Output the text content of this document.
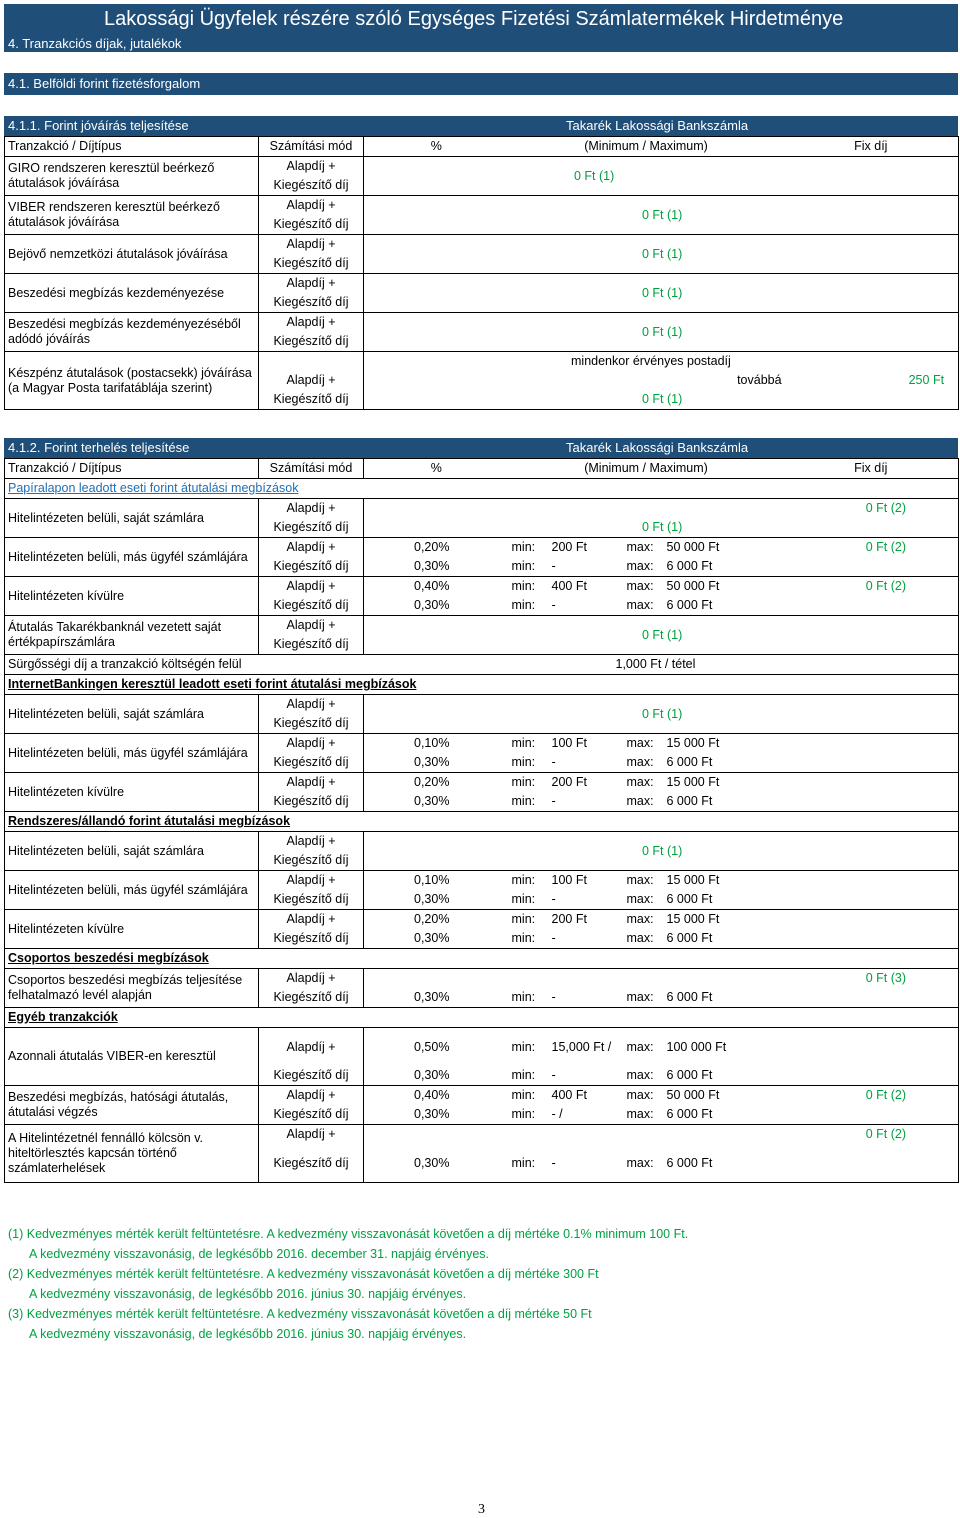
Lakossági Ügyfelek részére szóló Egységes Fizetési Számlatermékek Hirdetménye
4. Tranzakciós díjak, jutalékok
4.1. Belföldi forint fizetésforgalom
4.1.1. Forint jóváírás teljesítése	Takarék Lakossági Bankszámla
Tranzakció / Díjtípus	Számítási mód	%	(Minimum / Maximum)	Fix díj
GIRO rendszeren keresztül beérkező átutalások jóváírása	Alapdíj +	0 Ft (1)		
	Kiegészítő díj			
VIBER rendszeren keresztül beérkező átutalások jóváírása	Alapdíj +	0 Ft (1)		
	Kiegészítő díj			
Bejövő nemzetközi átutalások jóváírása	Alapdíj +	0 Ft (1)		
	Kiegészítő díj			
Beszedési megbízás kezdeményezése	Alapdíj +	0 Ft (1)		
	Kiegészítő díj			
Beszedési megbízás kezdeményezéséből adódó jóváírás	Alapdíj +	0 Ft (1)		
	Kiegészítő díj			
Készpénz átutalások (postacsekk) jóváírása (a Magyar Posta tarifatáblája szerint)		mindenkor érvényes postadíj		
	Alapdíj +	továbbá		250 Ft
	Kiegészítő díj	0 Ft (1)		
4.1.2. Forint terhelés teljesítése	Takarék Lakossági Bankszámla
Tranzakció / Díjtípus	Számítási mód	%	(Minimum / Maximum)				Fix díj
Papíralapon leadott eseti forint átutalási megbízások							
Hitelintézeten belüli, saját számlára	Alapdíj +						0 Ft (2)
	Kiegészítő díj	0 Ft (1)					
Hitelintézeten belüli, más ügyfél számlájára	Alapdíj +	0,20%	min:	200 Ft	max:	50 000 Ft	0 Ft (2)
	Kiegészítő díj	0,30%	min:	-	max:	6 000 Ft	
Hitelintézeten kívülre	Alapdíj +	0,40%	min:	400 Ft	max:	50 000 Ft	0 Ft (2)
	Kiegészítő díj	0,30%	min:	-	max:	6 000 Ft	
Átutalás Takarékbanknál vezetett saját értékpapírszámlára	Alapdíj +	0 Ft (1)					
	Kiegészítő díj						
Sürgősségi díj a tranzakció költségén felül		1,000 Ft / tétel					
InternetBankingen keresztül leadott eseti forint átutalási megbízások							
Hitelintézeten belüli, saját számlára	Alapdíj +	0 Ft (1)					
	Kiegészítő díj						
Hitelintézeten belüli, más ügyfél számlájára	Alapdíj +	0,10%	min:	100 Ft	max:	15 000 Ft	
	Kiegészítő díj	0,30%	min:	-	max:	6 000 Ft	
Hitelintézeten kívülre	Alapdíj +	0,20%	min:	200 Ft	max:	15 000 Ft	
	Kiegészítő díj	0,30%	min:	-	max:	6 000 Ft	
Rendszeres/állandó forint átutalási megbízások							
Hitelintézeten belüli, saját számlára	Alapdíj +	0 Ft (1)					
	Kiegészítő díj						
Hitelintézeten belüli, más ügyfél számlájára	Alapdíj +	0,10%	min:	100 Ft	max:	15 000 Ft	
	Kiegészítő díj	0,30%	min:	-	max:	6 000 Ft	
Hitelintézeten kívülre	Alapdíj +	0,20%	min:	200 Ft	max:	15 000 Ft	
	Kiegészítő díj	0,30%	min:	-	max:	6 000 Ft	
Csoportos beszedési megbízások							
Csoportos beszedési megbízás teljesítése felhatalmazó levél alapján	Alapdíj +						0 Ft (3)
	Kiegészítő díj	0,30%	min:	-	max:	6 000 Ft	
Egyéb tranzakciók							
Azonnali átutalás VIBER-en keresztül	Alapdíj +	0,50%	min:	15,000 Ft /	max:	100 000 Ft	
	Kiegészítő díj	0,30%	min:	-	max:	6 000 Ft	
Beszedési megbízás, hatósági átutalás, átutalási végzés	Alapdíj +	0,40%	min:	400 Ft	max:	50 000 Ft	0 Ft (2)
	Kiegészítő díj	0,30%	min:	- /	max:	6 000 Ft	
A Hitelintézetnél fennálló kölcsön v. hiteltörlesztés kapcsán történő számlaterhelések	Alapdíj +						0 Ft (2)
	Kiegészítő díj	0,30%	min:	-	max:	6 000 Ft	
(1) Kedvezményes mérték került feltüntetésre. A kedvezmény visszavonását követően a díj mértéke 0.1% minimum 100 Ft.
A kedvezmény visszavonásig, de legkésőbb 2016. december 31. napjáig érvényes.
(2) Kedvezményes mérték került feltüntetésre. A kedvezmény visszavonását követően a díj mértéke 300 Ft
A kedvezmény visszavonásig, de legkésőbb 2016. június 30. napjáig érvényes.
(3) Kedvezményes mérték került feltüntetésre. A kedvezmény visszavonását követően a díj mértéke 50 Ft
A kedvezmény visszavonásig, de legkésőbb 2016. június 30. napjáig érvényes.
3
